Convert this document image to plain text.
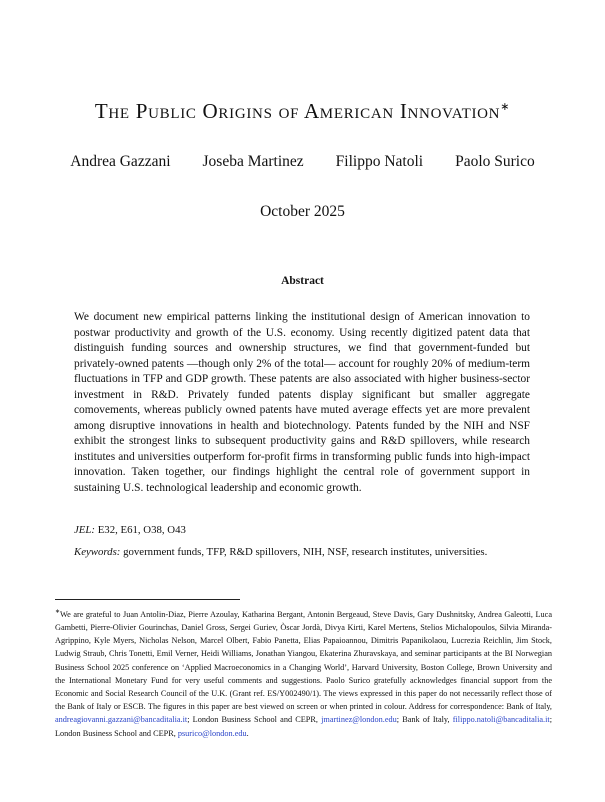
The Public Origins of American Innovation∗
Andrea Gazzani Joseba Martinez Filippo Natoli Paolo Surico
October 2025
Abstract
We document new empirical patterns linking the institutional design of American innovation to postwar productivity and growth of the U.S. economy. Using recently digitized patent data that distinguish funding sources and ownership structures, we find that government-funded but privately-owned patents —though only 2% of the total— account for roughly 20% of medium-term fluctuations in TFP and GDP growth. These patents are also associated with higher business-sector investment in R&D. Privately funded patents display significant but smaller aggregate comovements, whereas publicly owned patents have muted average effects yet are more prevalent among disruptive innovations in health and biotechnology. Patents funded by the NIH and NSF exhibit the strongest links to subsequent productivity gains and R&D spillovers, while research institutes and universities outperform for-profit firms in transforming public funds into high-impact innovation. Taken together, our findings highlight the central role of government support in sustaining U.S. technological leadership and economic growth.
JEL: E32, E61, O38, O43
Keywords: government funds, TFP, R&D spillovers, NIH, NSF, research institutes, universities.
∗We are grateful to Juan Antolin-Diaz, Pierre Azoulay, Katharina Bergant, Antonin Bergeaud, Steve Davis, Gary Dushnitsky, Andrea Galeotti, Luca Gambetti, Pierre-Olivier Gourinchas, Daniel Gross, Sergei Guriev, Òscar Jordà, Divya Kirti, Karel Mertens, Stelios Michalopoulos, Silvia Miranda-Agrippino, Kyle Myers, Nicholas Nelson, Marcel Olbert, Fabio Panetta, Elias Papaioannou, Dimitris Papanikolaou, Lucrezia Reichlin, Jim Stock, Ludwig Straub, Chris Tonetti, Emil Verner, Heidi Williams, Jonathan Yiangou, Ekaterina Zhuravskaya, and seminar participants at the BI Norwegian Business School 2025 conference on ‘Applied Macroeconomics in a Changing World’, Harvard University, Boston College, Brown University and the International Monetary Fund for very useful comments and suggestions. Paolo Surico gratefully acknowledges financial support from the Economic and Social Research Council of the U.K. (Grant ref. ES/Y002490/1). The views expressed in this paper do not necessarily reflect those of the Bank of Italy or ESCB. The figures in this paper are best viewed on screen or when printed in colour. Address for correspondence: Bank of Italy, andreagiovanni.gazzani@bancaditalia.it; London Business School and CEPR, jmartinez@london.edu; Bank of Italy, filippo.natoli@bancaditalia.it; London Business School and CEPR, psurico@london.edu.
